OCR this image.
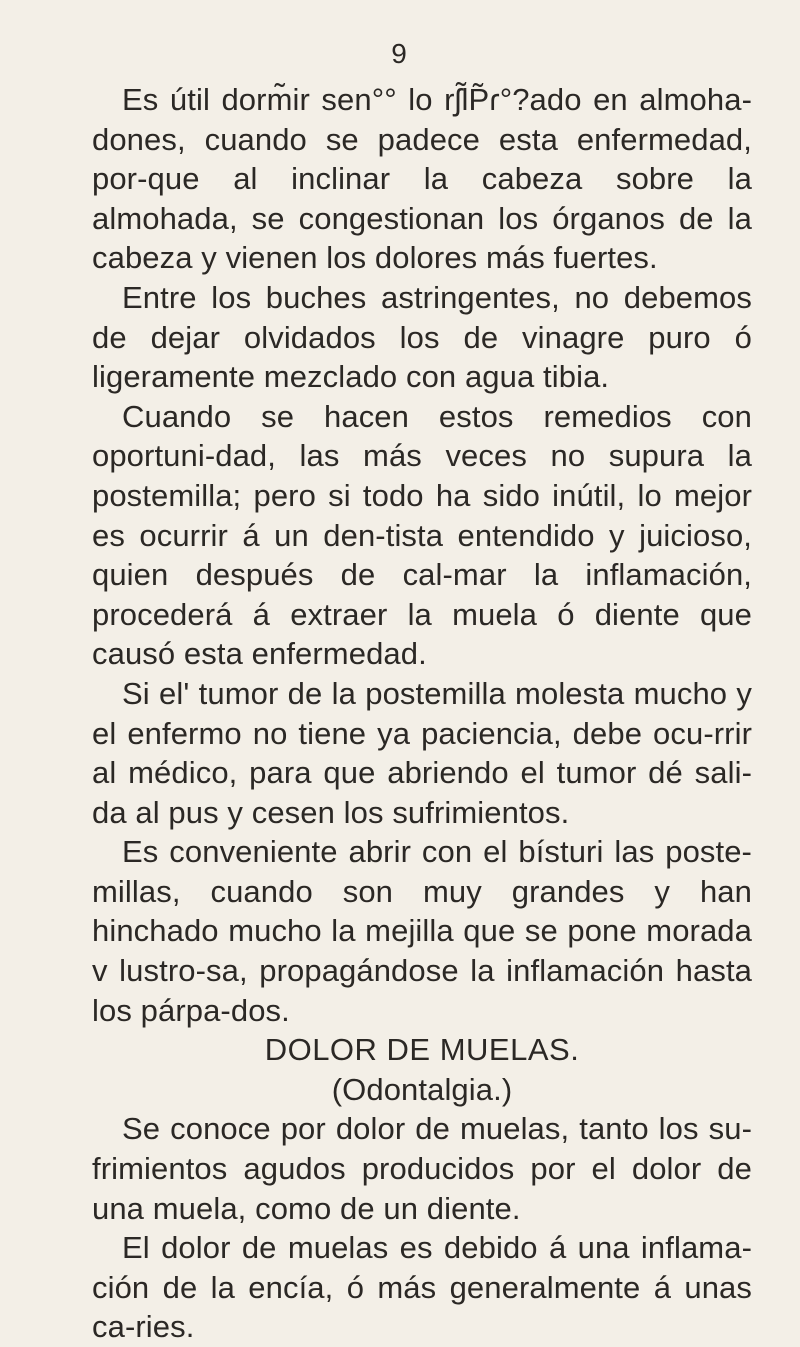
9

Es útil dorm̃ir sen°° lo rʃ̃lP̃ɾ°?ado en almoha-dones, cuando se padece esta enfermedad, por-que al inclinar la cabeza sobre la almohada, se congestionan los órganos de la cabeza y vienen los dolores más fuertes.

Entre los buches astringentes, no debemos de dejar olvidados los de vinagre puro ó ligeramente mezclado con agua tibia.

Cuando se hacen estos remedios con oportuni-dad, las más veces no supura la postemilla; pero si todo ha sido inútil, lo mejor es ocurrir á un den-tista entendido y juicioso, quien después de cal-mar la inflamación, procederá á extraer la muela ó diente que causó esta enfermedad.

Si el' tumor de la postemilla molesta mucho y el enfermo no tiene ya paciencia, debe ocu-rrir al médico, para que abriendo el tumor dé sali-da al pus y cesen los sufrimientos.

Es conveniente abrir con el bísturi las poste-millas, cuando son muy grandes y han hinchado mucho la mejilla que se pone morada v lustro-sa, propagándose la inflamación hasta los párpa-dos.

DOLOR DE MUELAS.

(Odontalgia.)

Se conoce por dolor de muelas, tanto los su-frimientos agudos producidos por el dolor de una muela, como de un diente.

El dolor de muelas es debido á una inflama-ción de la encía, ó más generalmente á unas ca-ries.
